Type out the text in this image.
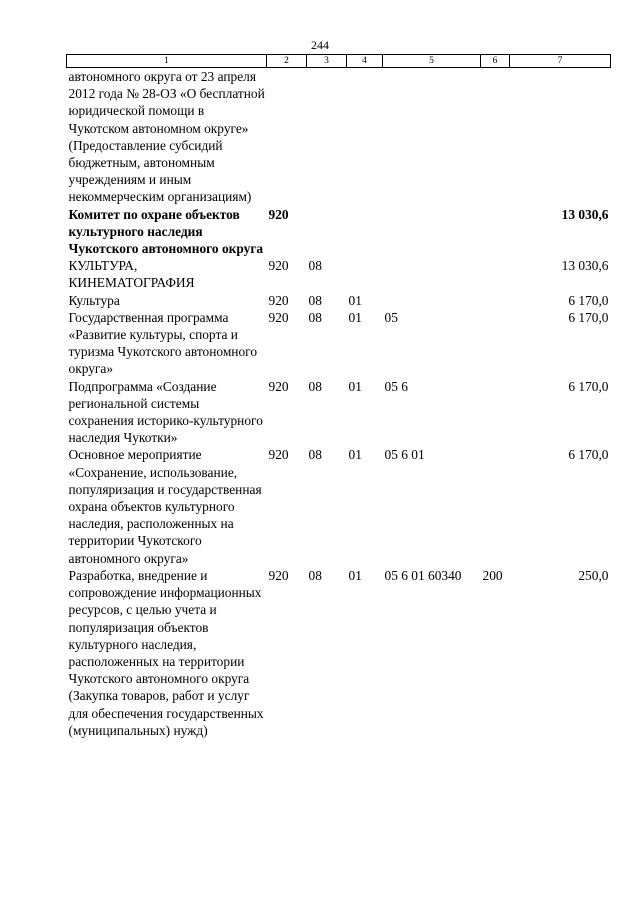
244
1	2	3	4	5	6	7
автономного округа от 23 апреля 2012 года № 28-ОЗ «О бесплатной юридической помощи в Чукотском автономном округе» (Предоставление субсидий бюджетным, автономным учреждениям и иным некоммерческим организациям)						
Комитет по охране объектов культурного наследия Чукотского автономного округа	920					13 030,6
КУЛЬТУРА, КИНЕМАТОГРАФИЯ	920	08				13 030,6
Культура	920	08	01			6 170,0
Государственная программа «Развитие культуры, спорта и туризма Чукотского автономного округа»	920	08	01	05		6 170,0
Подпрограмма «Создание региональной системы сохранения историко-культурного наследия Чукотки»	920	08	01	05 6		6 170,0
Основное мероприятие «Сохранение, использование, популяризация и государственная охрана объектов культурного наследия, расположенных на территории Чукотского автономного округа»	920	08	01	05 6 01		6 170,0
Разработка, внедрение и сопровождение информационных ресурсов, с целью учета и популяризация объектов культурного наследия, расположенных на территории Чукотского автономного округа (Закупка товаров, работ и услуг для обеспечения государственных (муниципальных) нужд)	920	08	01	05 6 01 60340	200	250,0
